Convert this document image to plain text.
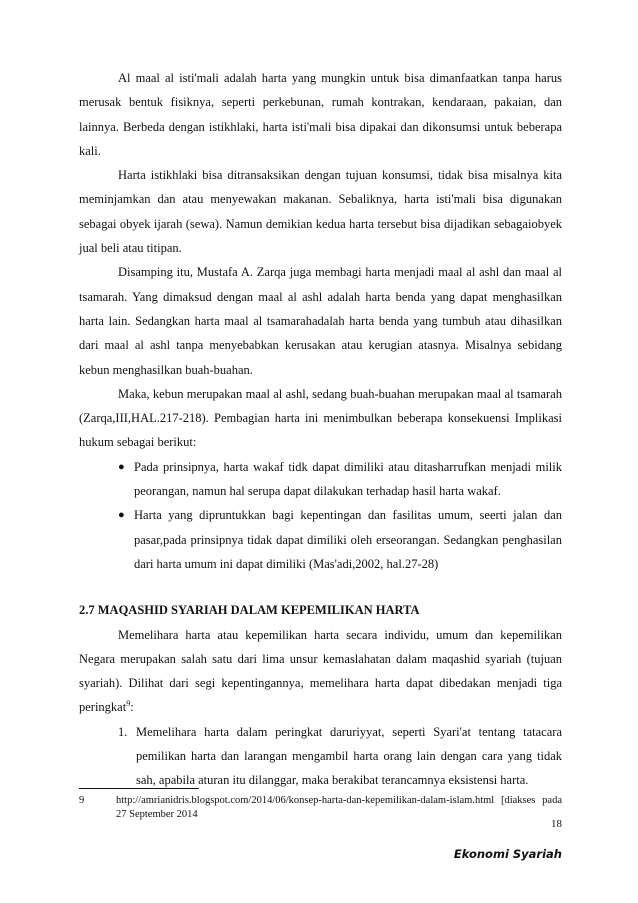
Al maal al isti'mali adalah harta yang mungkin untuk bisa dimanfaatkan tanpa harus merusak bentuk fisiknya, seperti perkebunan, rumah kontrakan, kendaraan, pakaian, dan lainnya. Berbeda dengan istikhlaki, harta isti'mali bisa dipakai dan dikonsumsi untuk beberapa kali.

Harta istikhlaki bisa ditransaksikan dengan tujuan konsumsi, tidak bisa misalnya kita meminjamkan dan atau menyewakan makanan. Sebaliknya, harta isti'mali bisa digunakan sebagai obyek ijarah (sewa). Namun demikian kedua harta tersebut bisa dijadikan sebagaiobyek jual beli atau titipan.

Disamping itu, Mustafa A. Zarqa juga membagi harta menjadi maal al ashl dan maal al tsamarah. Yang dimaksud dengan maal al ashl adalah harta benda yang dapat menghasilkan harta lain. Sedangkan harta maal al tsamarahadalah harta benda yang tumbuh atau dihasilkan dari maal al ashl tanpa menyebabkan kerusakan atau kerugian atasnya. Misalnya sebidang kebun menghasilkan buah-buahan.

Maka, kebun merupakan maal al ashl, sedang buah-buahan merupakan maal al tsamarah (Zarqa,III,HAL.217-218). Pembagian harta ini menimbulkan beberapa konsekuensi Implikasi hukum sebagai berikut:

● Pada prinsipnya, harta wakaf tidk dapat dimiliki atau ditasharrufkan menjadi milik peorangan, namun hal serupa dapat dilakukan terhadap hasil harta wakaf.
● Harta yang dipruntukkan bagi kepentingan dan fasilitas umum, seerti jalan dan pasar,pada prinsipnya tidak dapat dimiliki oleh erseorangan. Sedangkan penghasilan dari harta umum ini dapat dimiliki (Mas'adi,2002, hal.27-28)
2.7 MAQASHID SYARIAH DALAM KEPEMILIKAN HARTA

Memelihara harta atau kepemilikan harta secara individu, umum dan kepemilikan Negara merupakan salah satu dari lima unsur kemaslahatan dalam maqashid syariah (tujuan syariah). Dilihat dari segi kepentingannya, memelihara harta dapat dibedakan menjadi tiga peringkat$^9$:

1. Memelihara harta dalam peringkat daruriyyat, seperti Syari'at tentang tatacara pemilikan harta dan larangan mengambil harta orang lain dengan cara yang tidak sah, apabila aturan itu dilanggar, maka berakibat terancamnya eksistensi harta.
9	http://amrianidris.blogspot.com/2014/06/konsep-harta-dan-kepemilikan-dalam-islam.html [diakses pada 27 September 2014
18
Ekonomi Syariah
